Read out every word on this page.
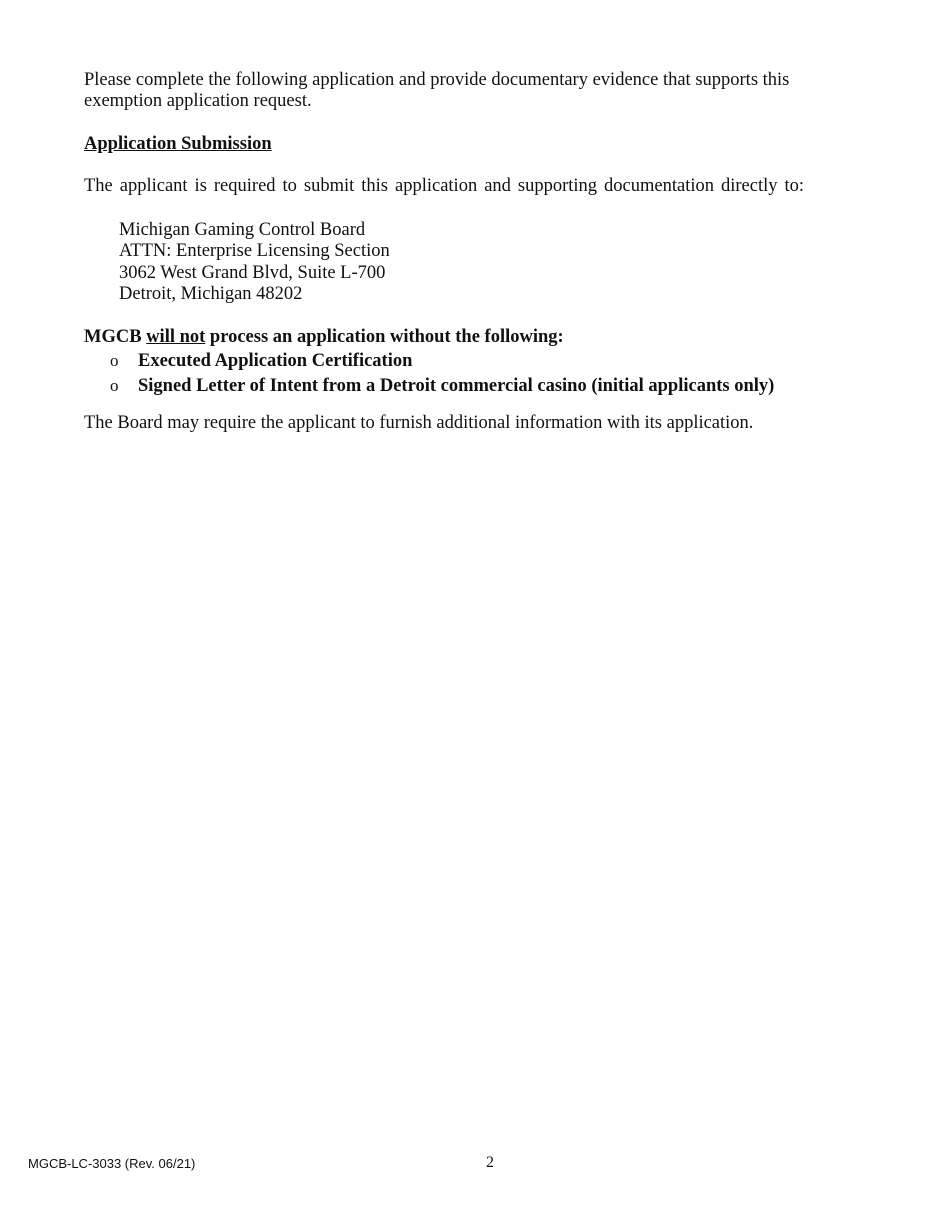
Please complete the following application and provide documentary evidence that supports this exemption application request.

Application Submission

The applicant is required to submit this application and supporting documentation directly to:

Michigan Gaming Control Board
ATTN: Enterprise Licensing Section
3062 West Grand Blvd, Suite L-700
Detroit, Michigan 48202

MGCB will not process an application without the following:

o	Executed Application Certification
o	Signed Letter of Intent from a Detroit commercial casino (initial applicants only)

The Board may require the applicant to furnish additional information with its application.

MGCB-LC-3033 (Rev. 06/21)	2
